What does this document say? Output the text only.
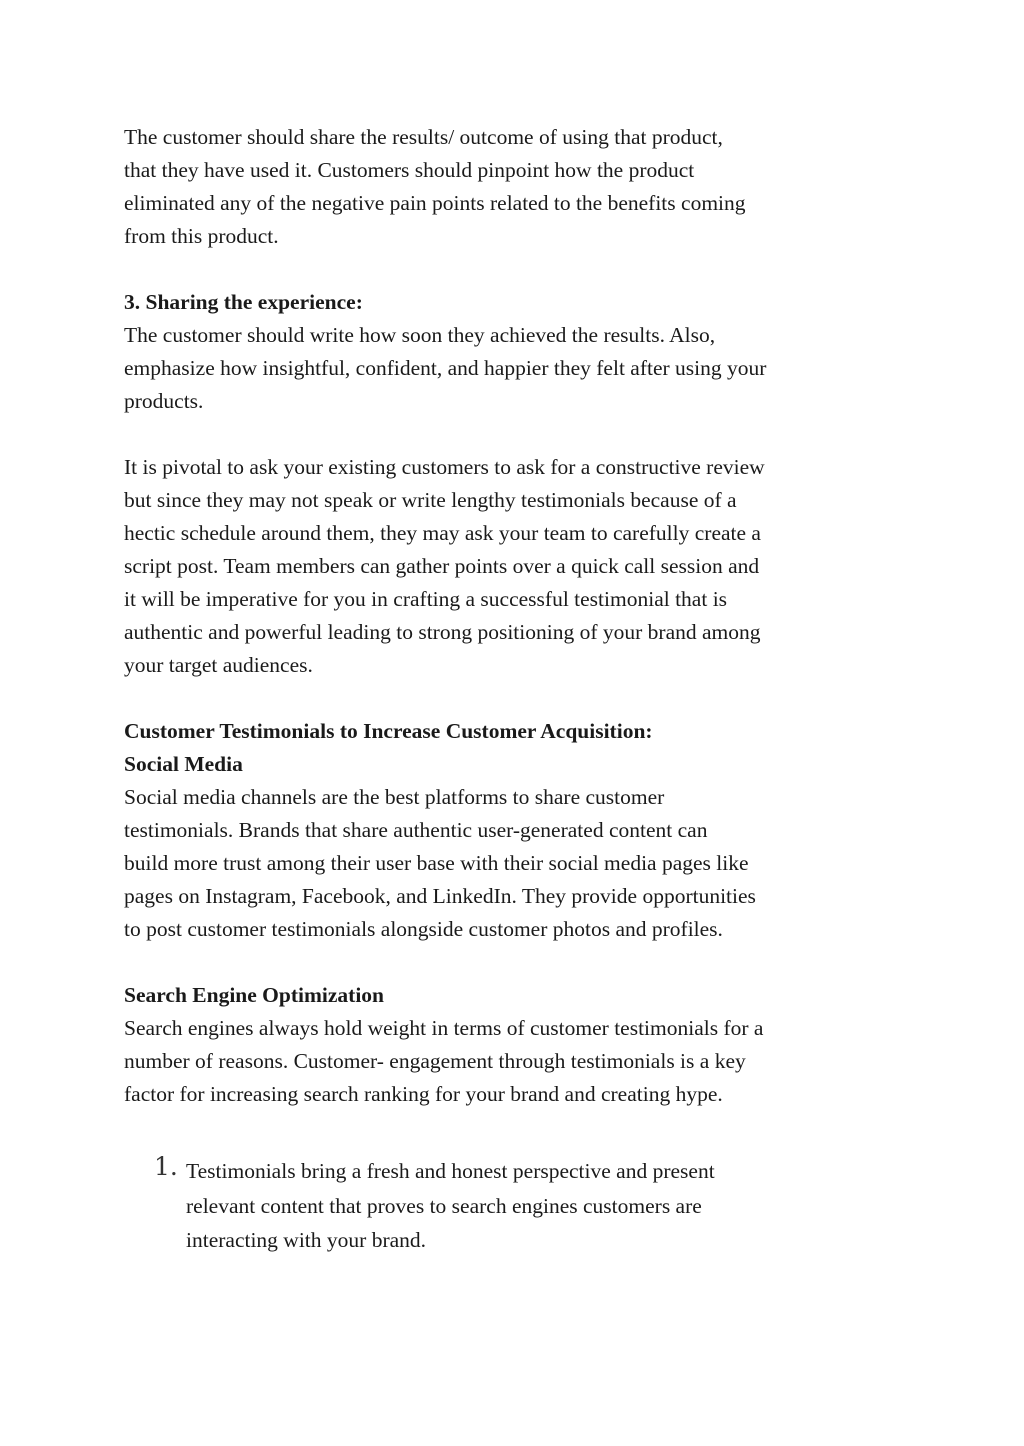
The customer should share the results/ outcome of using that product,
that they have used it. Customers should pinpoint how the product
eliminated any of the negative pain points related to the benefits coming
from this product.

3. Sharing the experience:

The customer should write how soon they achieved the results. Also,
emphasize how insightful, confident, and happier they felt after using your
products.

It is pivotal to ask your existing customers to ask for a constructive review
but since they may not speak or write lengthy testimonials because of a
hectic schedule around them, they may ask your team to carefully create a
script post. Team members can gather points over a quick call session and
it will be imperative for you in crafting a successful testimonial that is
authentic and powerful leading to strong positioning of your brand among
your target audiences.

Customer Testimonials to Increase Customer Acquisition:

Social Media

Social media channels are the best platforms to share customer
testimonials. Brands that share authentic user-generated content can
build more trust among their user base with their social media pages like
pages on Instagram, Facebook, and LinkedIn. They provide opportunities
to post customer testimonials alongside customer photos and profiles.

Search Engine Optimization

Search engines always hold weight in terms of customer testimonials for a
number of reasons. Customer- engagement through testimonials is a key
factor for increasing search ranking for your brand and creating hype.

1. Testimonials bring a fresh and honest perspective and present
relevant content that proves to search engines customers are
interacting with your brand.
